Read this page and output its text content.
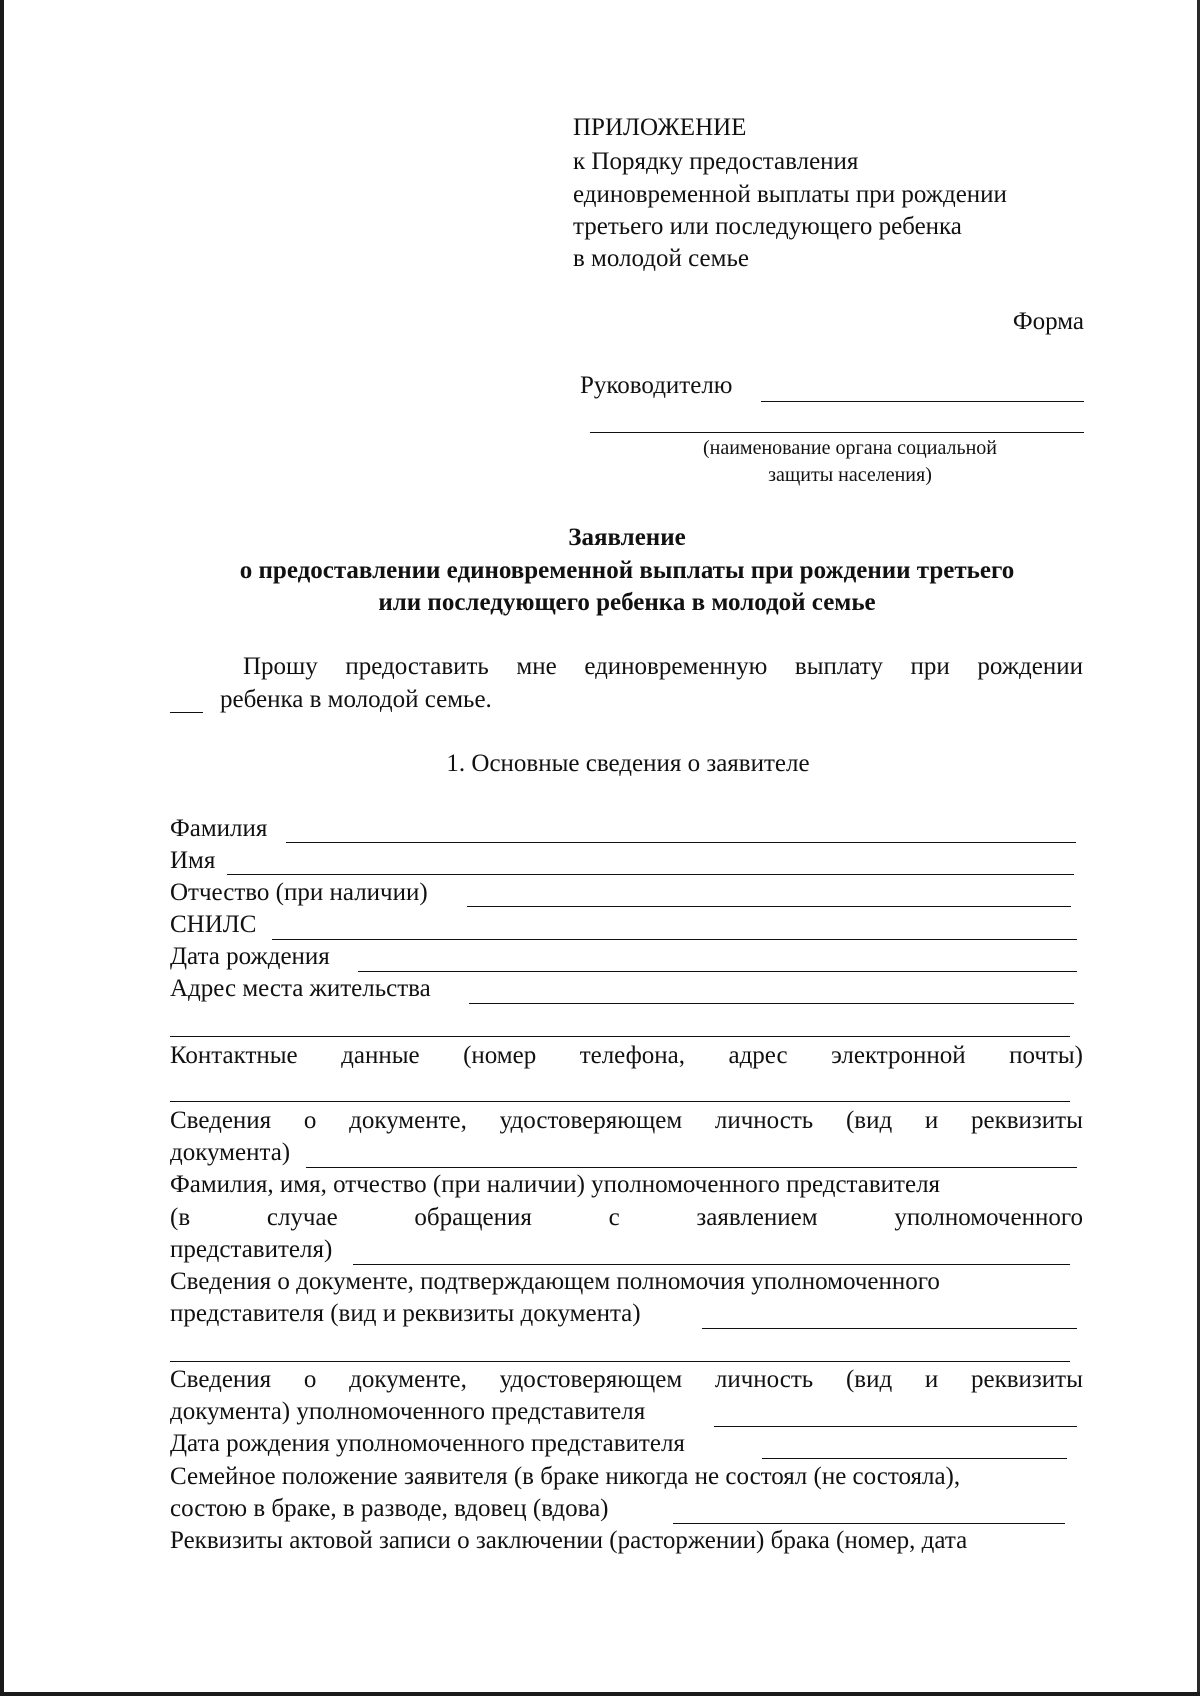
ПРИЛОЖЕНИЕ
к Порядку предоставления
единовременной выплаты при рождении
третьего или последующего ребенка
в молодой семье
Форма
Руководителю
(наименование органа социальной
защиты населения)
Заявление
о предоставлении единовременной выплаты при рождении третьего
или последующего ребенка в молодой семье
Прошу предоставить мне единовременную выплату при рождении
ребенка в молодой семье.
1. Основные сведения о заявителе
Фамилия
Имя
Отчество (при наличии)
СНИЛС
Дата рождения
Адрес места жительства
Контактные данные (номер телефона, адрес электронной почты)
Сведения о документе, удостоверяющем личность (вид и реквизиты
документа)
Фамилия, имя, отчество (при наличии) уполномоченного представителя
(в	случае	обращения	с	заявлением	уполномоченного
представителя)
Сведения о документе, подтверждающем полномочия уполномоченного
представителя (вид и реквизиты документа)
Сведения о документе, удостоверяющем личность (вид и реквизиты
документа) уполномоченного представителя
Дата рождения уполномоченного представителя
Семейное положение заявителя (в браке никогда не состоял (не состояла),
состою в браке, в разводе, вдовец (вдова)
Реквизиты актовой записи о заключении (расторжении) брака (номер, дата
